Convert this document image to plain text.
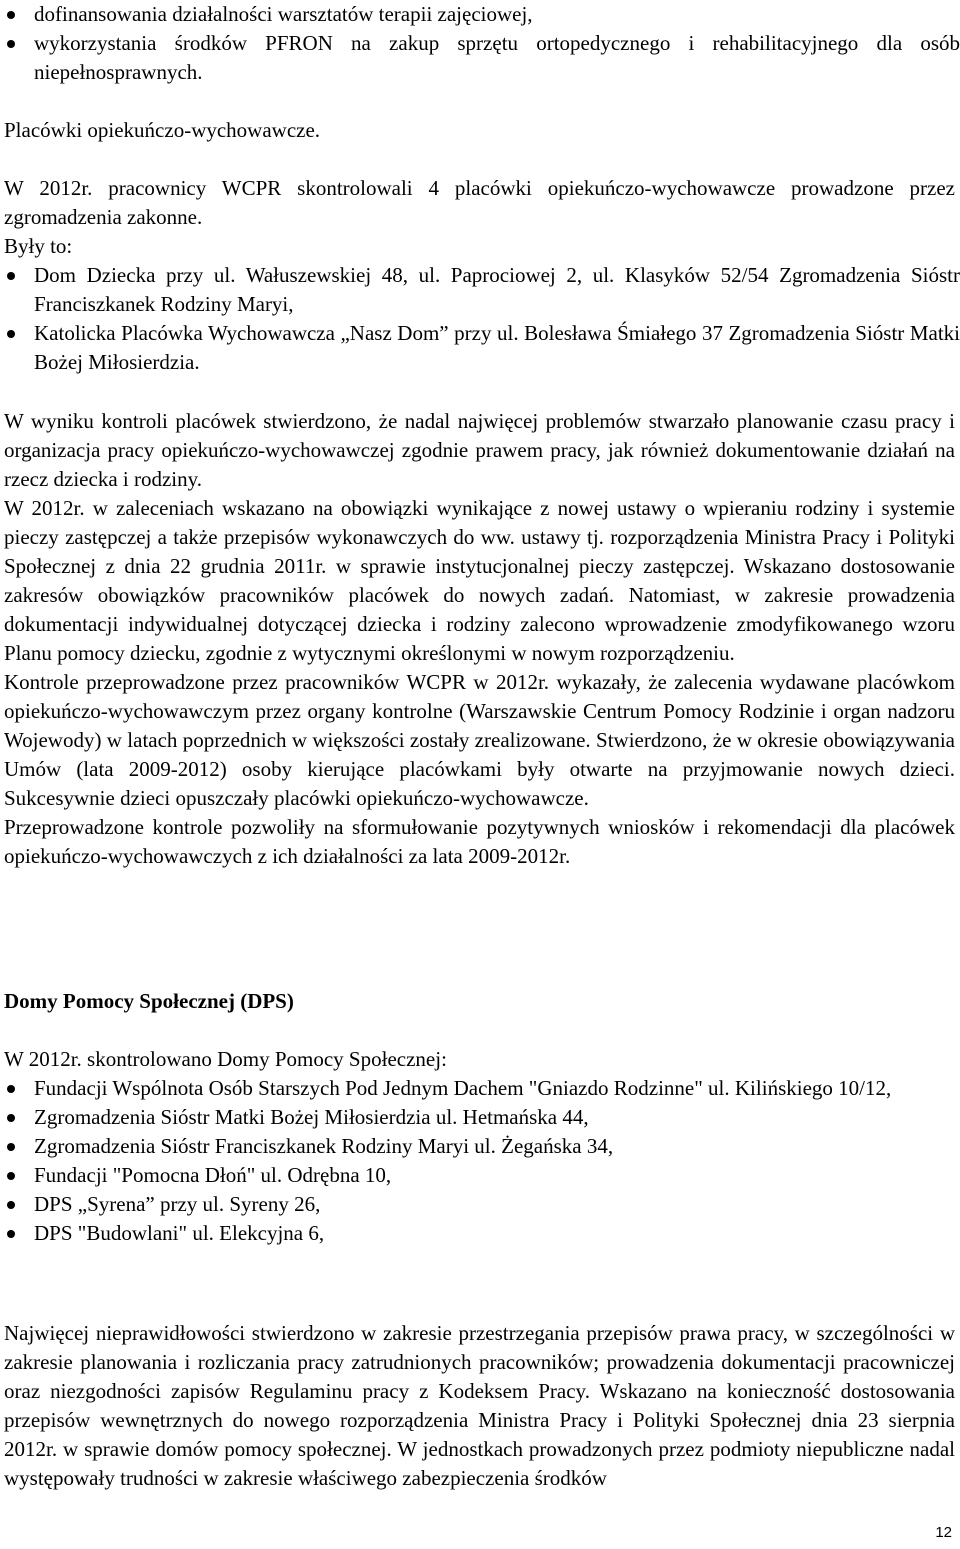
dofinansowania działalności warsztatów terapii zajęciowej,
wykorzystania środków PFRON na zakup sprzętu ortopedycznego i rehabilitacyjnego dla osób niepełnosprawnych.
Placówki opiekuńczo-wychowawcze.

W 2012r. pracownicy WCPR skontrolowali 4 placówki opiekuńczo-wychowawcze prowadzone przez zgromadzenia zakonne.

Były to:

Dom Dziecka przy ul. Wałuszewskiej 48, ul. Paprociowej 2, ul. Klasyków 52/54 Zgromadzenia Sióstr Franciszkanek Rodziny Maryi,
Katolicka Placówka Wychowawcza „Nasz Dom” przy ul. Bolesława Śmiałego 37 Zgromadzenia Sióstr Matki Bożej Miłosierdzia.

W wyniku kontroli placówek stwierdzono, że nadal najwięcej problemów stwarzało planowanie czasu pracy i organizacja pracy opiekuńczo-wychowawczej zgodnie prawem pracy, jak również dokumentowanie działań na rzecz dziecka i rodziny.

W 2012r. w zaleceniach wskazano na obowiązki wynikające z nowej ustawy o wpieraniu rodziny i systemie pieczy zastępczej a także przepisów wykonawczych do ww. ustawy tj. rozporządzenia Ministra Pracy i Polityki Społecznej z dnia 22 grudnia 2011r. w sprawie instytucjonalnej pieczy zastępczej. Wskazano dostosowanie zakresów obowiązków pracowników placówek do nowych zadań. Natomiast, w zakresie prowadzenia dokumentacji indywidualnej dotyczącej dziecka i rodziny zalecono wprowadzenie zmodyfikowanego wzoru Planu pomocy dziecku, zgodnie z wytycznymi określonymi w nowym rozporządzeniu.

Kontrole przeprowadzone przez pracowników WCPR w 2012r. wykazały, że zalecenia wydawane placówkom opiekuńczo-wychowawczym przez organy kontrolne (Warszawskie Centrum Pomocy Rodzinie i organ nadzoru Wojewody) w latach poprzednich w większości zostały zrealizowane. Stwierdzono, że w okresie obowiązywania Umów (lata 2009-2012) osoby kierujące placówkami były otwarte na przyjmowanie nowych dzieci. Sukcesywnie dzieci opuszczały placówki opiekuńczo-wychowawcze.

Przeprowadzone kontrole pozwoliły na sformułowanie pozytywnych wniosków i rekomendacji dla placówek opiekuńczo-wychowawczych z ich działalności za lata 2009-2012r.

Domy Pomocy Społecznej (DPS)
W 2012r. skontrolowano Domy Pomocy Społecznej:
Fundacji Wspólnota Osób Starszych Pod Jednym Dachem "Gniazdo Rodzinne" ul. Kilińskiego 10/12,
Zgromadzenia Sióstr Matki Bożej Miłosierdzia ul. Hetmańska 44,
Zgromadzenia Sióstr Franciszkanek Rodziny Maryi ul. Żegańska 34,
Fundacji "Pomocna Dłoń" ul. Odrębna 10,
DPS „Syrena” przy ul. Syreny 26,
DPS "Budowlani" ul. Elekcyjna 6,
Najwięcej nieprawidłowości stwierdzono w zakresie przestrzegania przepisów prawa pracy, w szczególności w zakresie planowania i rozliczania pracy zatrudnionych pracowników; prowadzenia dokumentacji pracowniczej oraz niezgodności zapisów Regulaminu pracy z Kodeksem Pracy. Wskazano na konieczność dostosowania przepisów wewnętrznych do nowego rozporządzenia Ministra Pracy i Polityki Społecznej dnia 23 sierpnia 2012r. w sprawie domów pomocy społecznej. W jednostkach prowadzonych przez podmioty niepubliczne nadal występowały trudności w zakresie właściwego zabezpieczenia środków
12
